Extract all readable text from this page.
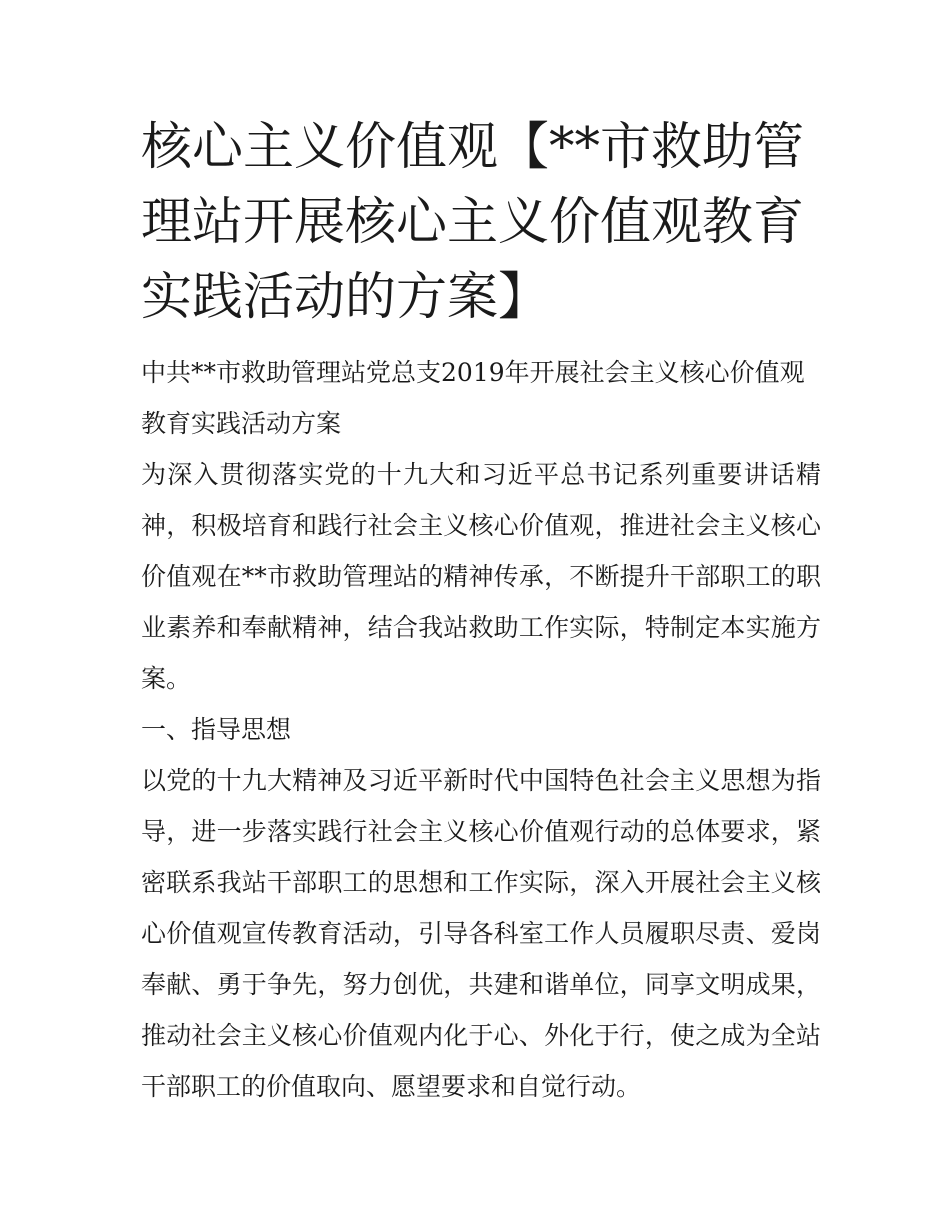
核心主义价值观【**市救助管
理站开展核心主义价值观教育
实践活动的方案】
中共**市救助管理站党总支2019年开展社会主义核心价值观
教育实践活动方案
为深入贯彻落实党的十九大和习近平总书记系列重要讲话精
神，积极培育和践行社会主义核心价值观，推进社会主义核心
价值观在**市救助管理站的精神传承，不断提升干部职工的职
业素养和奉献精神，结合我站救助工作实际，特制定本实施方
案。
一、指导思想
以党的十九大精神及习近平新时代中国特色社会主义思想为指
导，进一步落实践行社会主义核心价值观行动的总体要求，紧
密联系我站干部职工的思想和工作实际，深入开展社会主义核
心价值观宣传教育活动，引导各科室工作人员履职尽责、爱岗
奉献、勇于争先，努力创优，共建和谐单位，同享文明成果，
推动社会主义核心价值观内化于心、外化于行，使之成为全站
干部职工的价值取向、愿望要求和自觉行动。
